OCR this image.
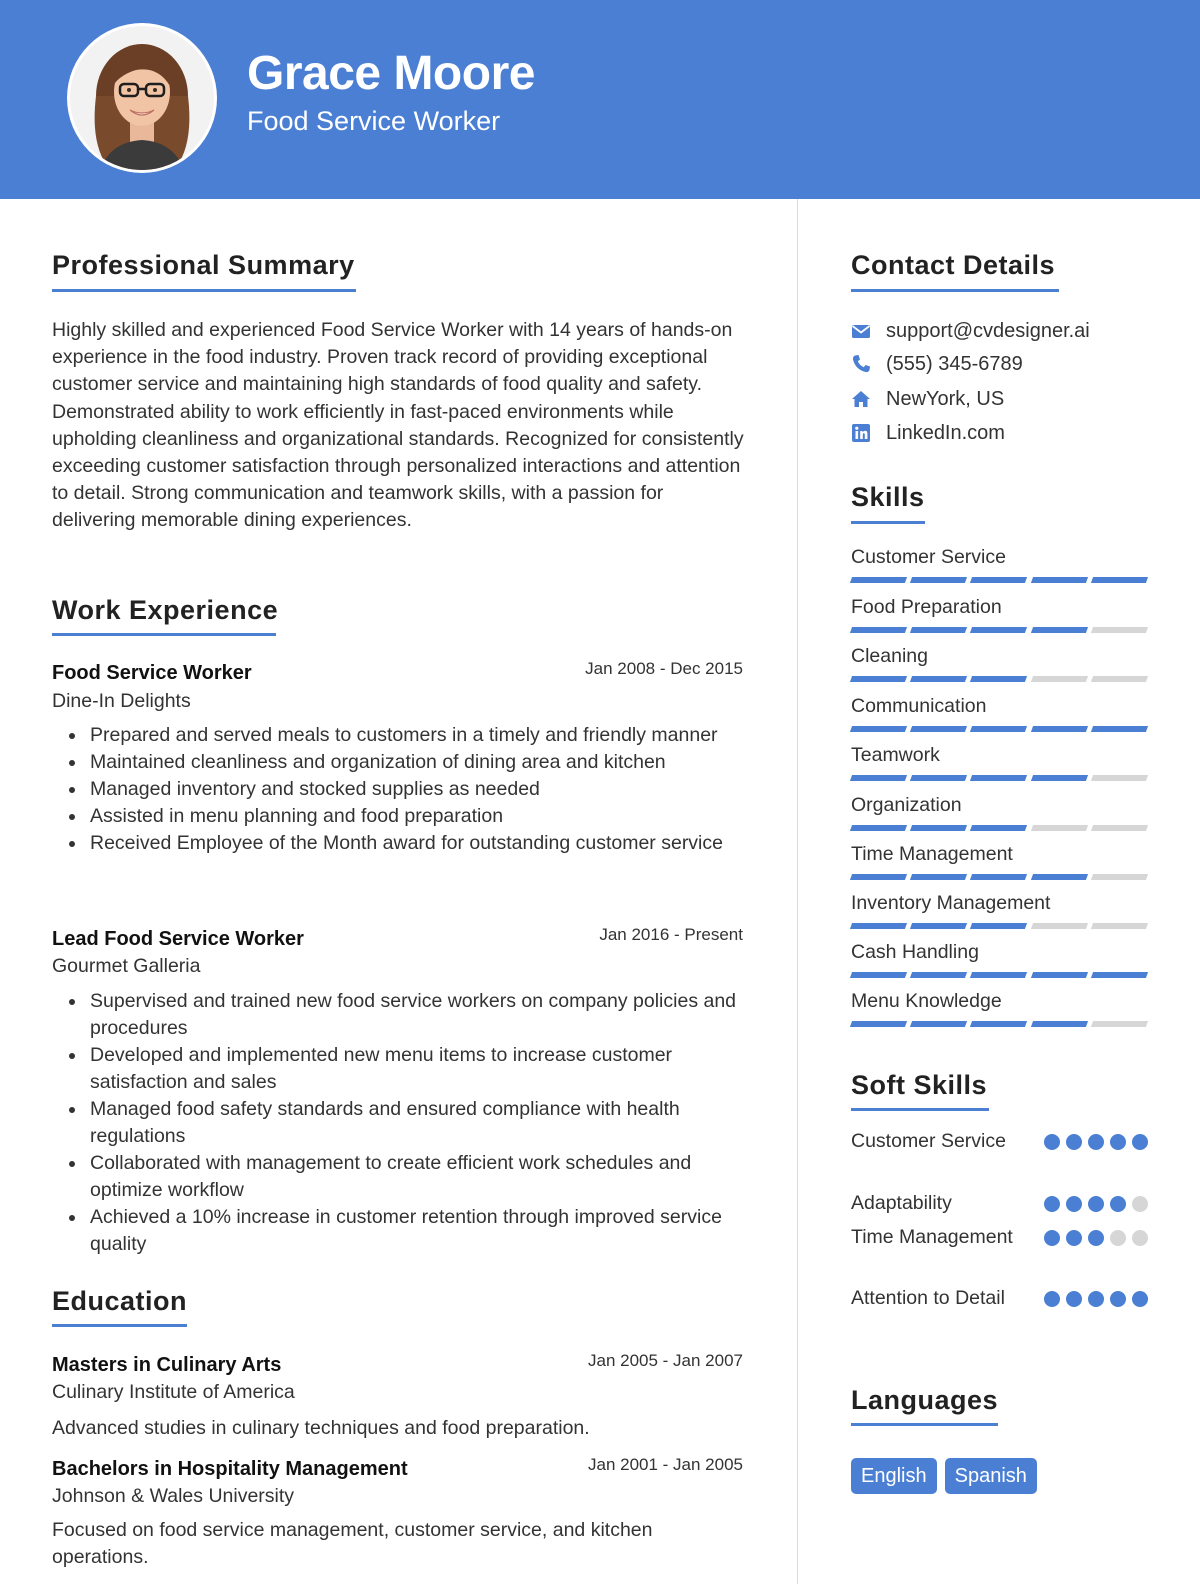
Grace Moore
Food Service Worker
Professional Summary
Highly skilled and experienced Food Service Worker with 14 years of hands-on experience in the food industry. Proven track record of providing exceptional customer service and maintaining high standards of food quality and safety. Demonstrated ability to work efficiently in fast-paced environments while upholding cleanliness and organizational standards. Recognized for consistently exceeding customer satisfaction through personalized interactions and attention to detail. Strong communication and teamwork skills, with a passion for delivering memorable dining experiences.
Work Experience
Food Service Worker	Jan 2008 - Dec 2015
Dine-In Delights
Prepared and served meals to customers in a timely and friendly manner
Maintained cleanliness and organization of dining area and kitchen
Managed inventory and stocked supplies as needed
Assisted in menu planning and food preparation
Received Employee of the Month award for outstanding customer service
Lead Food Service Worker	Jan 2016 - Present
Gourmet Galleria
Supervised and trained new food service workers on company policies and procedures
Developed and implemented new menu items to increase customer satisfaction and sales
Managed food safety standards and ensured compliance with health regulations
Collaborated with management to create efficient work schedules and optimize workflow
Achieved a 10% increase in customer retention through improved service quality
Education
Masters in Culinary Arts	Jan 2005 - Jan 2007
Culinary Institute of America
Advanced studies in culinary techniques and food preparation.
Bachelors in Hospitality Management	Jan 2001 - Jan 2005
Johnson & Wales University
Focused on food service management, customer service, and kitchen operations.
Contact Details
support@cvdesigner.ai
(555) 345-6789
NewYork, US
LinkedIn.com
Skills
Customer Service
Food Preparation
Cleaning
Communication
Teamwork
Organization
Time Management
Inventory Management
Cash Handling
Menu Knowledge
Soft Skills
Customer Service
Adaptability
Time Management
Attention to Detail
Languages
English	Spanish
